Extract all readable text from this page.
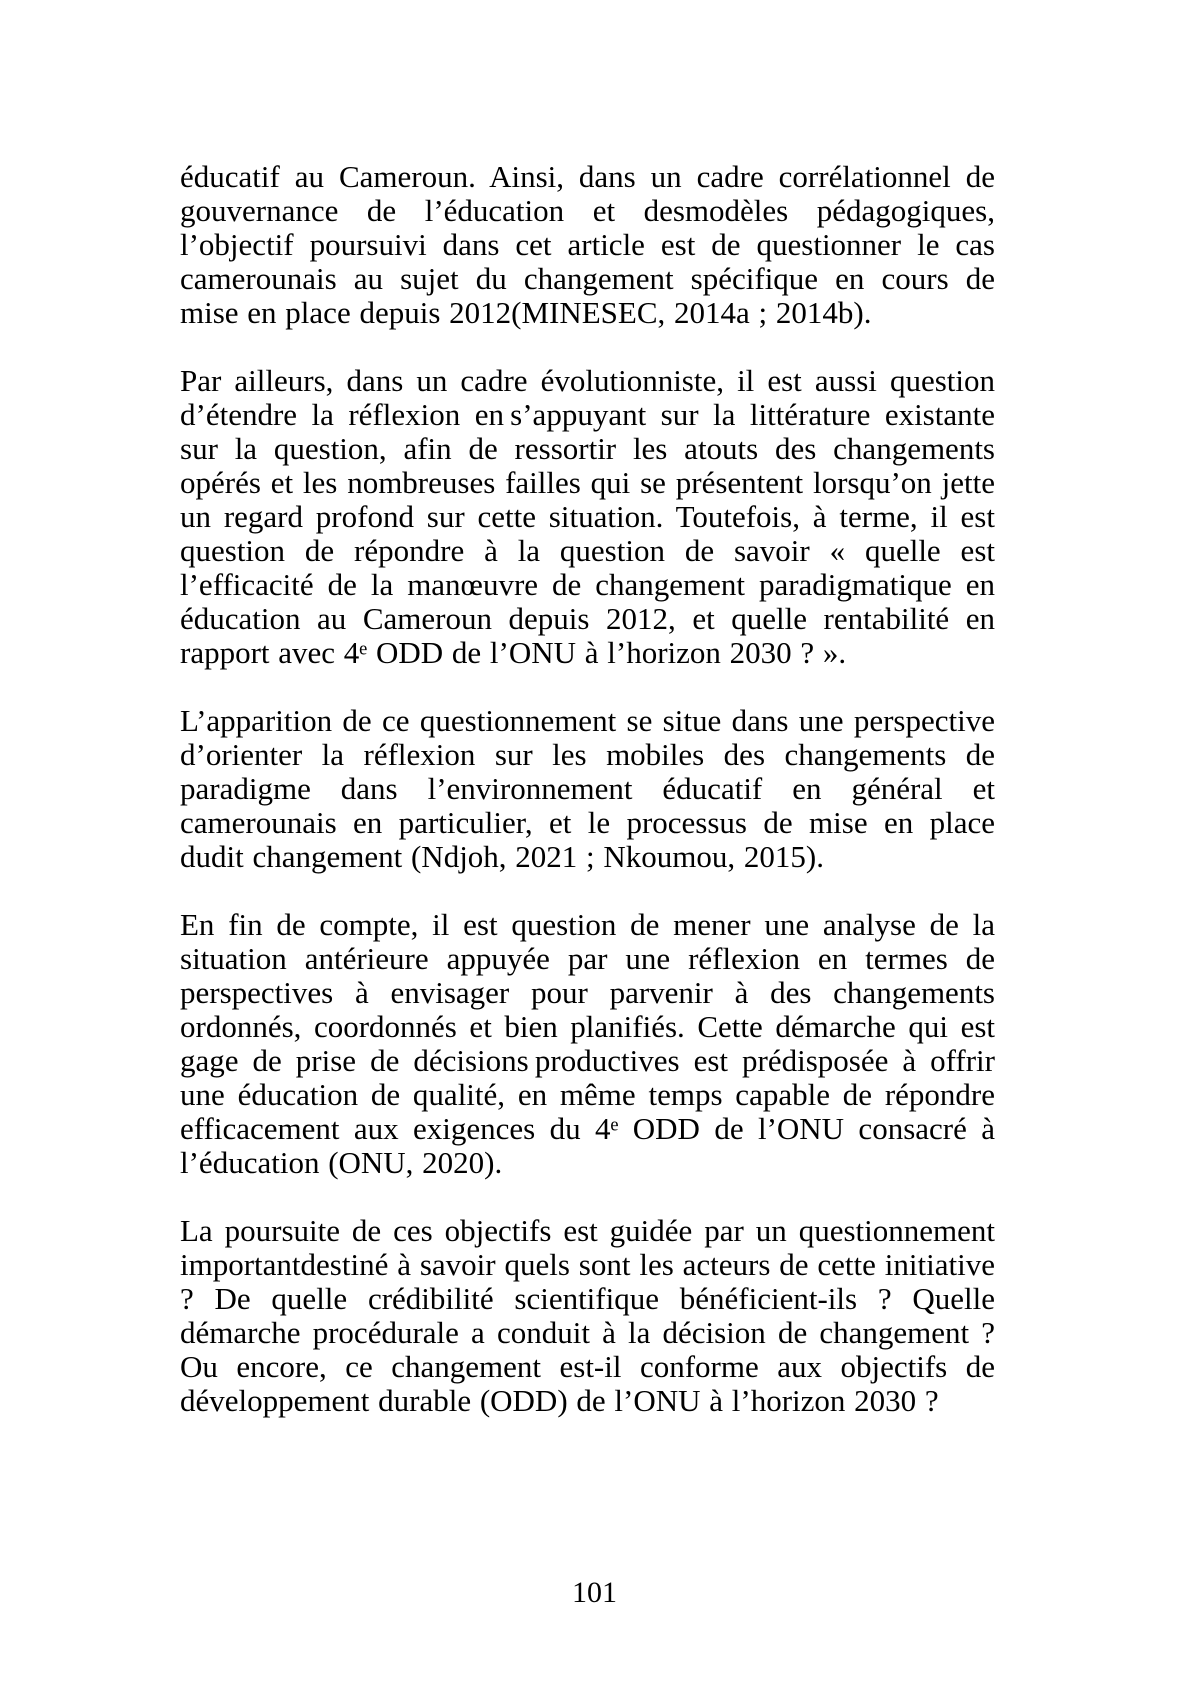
éducatif au Cameroun. Ainsi, dans un cadre corrélationnel de gouvernance de l’éducation et desmodèles pédagogiques, l’objectif poursuivi dans cet article est de questionner le cas camerounais au sujet du changement spécifique en cours de mise en place depuis 2012(MINESEC, 2014a ; 2014b).

Par ailleurs, dans un cadre évolutionniste, il est aussi question d’étendre la réflexion en s’appuyant sur la littérature existante sur la question, afin de ressortir les atouts des changements opérés et les nombreuses failles qui se présentent lorsqu’on jette un regard profond sur cette situation. Toutefois, à terme, il est question de répondre à la question de savoir « quelle est l’efficacité de la manœuvre de changement paradigmatique en éducation au Cameroun depuis 2012, et quelle rentabilité en rapport avec 4ᵉ ODD de l’ONU à l’horizon 2030 ? ».

L’apparition de ce questionnement se situe dans une perspective d’orienter la réflexion sur les mobiles des changements de paradigme dans l’environnement éducatif en général et camerounais en particulier, et le processus de mise en place dudit changement (Ndjoh, 2021 ; Nkoumou, 2015).

En fin de compte, il est question de mener une analyse de la situation antérieure appuyée par une réflexion en termes de perspectives à envisager pour parvenir à des changements ordonnés, coordonnés et bien planifiés. Cette démarche qui est gage de prise de décisions productives est prédisposée à offrir une éducation de qualité, en même temps capable de répondre efficacement aux exigences du 4ᵉ ODD de l’ONU consacré à l’éducation (ONU, 2020).

La poursuite de ces objectifs est guidée par un questionnement importantdestiné à savoir quels sont les acteurs de cette initiative ? De quelle crédibilité scientifique bénéficient-ils ? Quelle démarche procédurale a conduit à la décision de changement ? Ou encore, ce changement est-il conforme aux objectifs de développement durable (ODD) de l’ONU à l’horizon 2030 ?

101
